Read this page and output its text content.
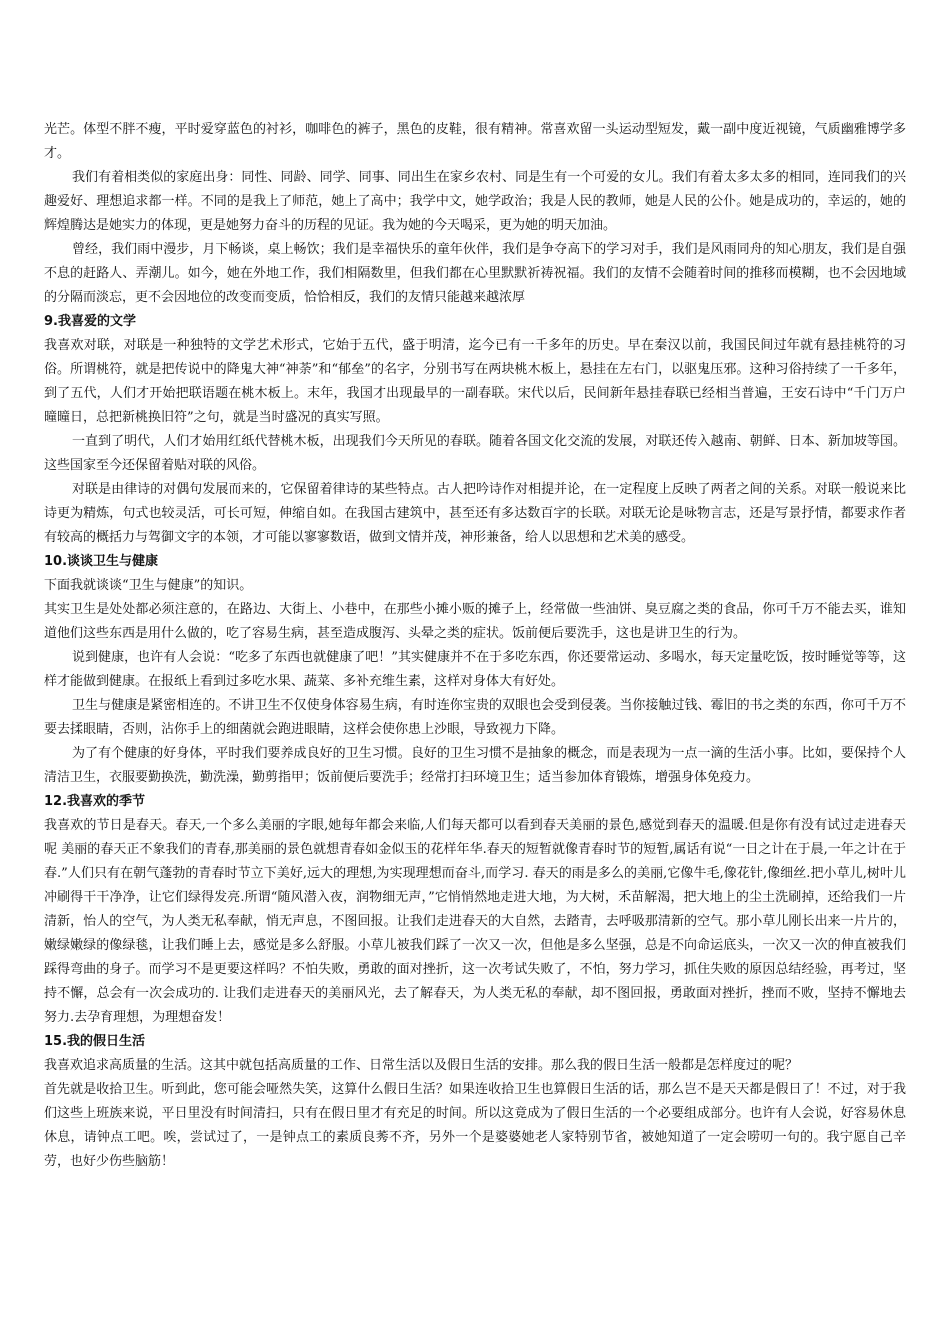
光芒。体型不胖不瘦，平时爱穿蓝色的衬衫，咖啡色的裤子，黑色的皮鞋，很有精神。常喜欢留一头运动型短发，戴一副中度近视镜，气质幽雅博学多才。

我们有着相类似的家庭出身：同性、同龄、同学、同事、同出生在家乡农村、同是生有一个可爱的女儿。我们有着太多太多的相同，连同我们的兴趣爱好、理想追求都一样。不同的是我上了师范，她上了高中；我学中文，她学政治；我是人民的教师，她是人民的公仆。她是成功的，幸运的，她的辉煌腾达是她实力的体现，更是她努力奋斗的历程的见证。我为她的今天喝采，更为她的明天加油。

曾经，我们雨中漫步，月下畅谈，桌上畅饮；我们是幸福快乐的童年伙伴，我们是争夺高下的学习对手，我们是风雨同舟的知心朋友，我们是自强不息的赶路人、弄潮儿。如今，她在外地工作，我们相隔数里，但我们都在心里默默祈祷祝福。我们的友情不会随着时间的推移而模糊，也不会因地域的分隔而淡忘，更不会因地位的改变而变质，恰恰相反，我们的友情只能越来越浓厚

9.我喜爱的文学

我喜欢对联，对联是一种独特的文学艺术形式，它始于五代，盛于明清，迄今已有一千多年的历史。早在秦汉以前，我国民间过年就有悬挂桃符的习俗。所谓桃符，就是把传说中的降鬼大神“神荼”和“郁垒”的名字，分别书写在两块桃木板上，悬挂在左右门，以驱鬼压邪。这种习俗持续了一千多年，到了五代，人们才开始把联语题在桃木板上。末年，我国才出现最早的一副春联。宋代以后，民间新年悬挂春联已经相当普遍，王安石诗中“千门万户曈曈日，总把新桃换旧符”之句，就是当时盛况的真实写照。

一直到了明代，人们才始用红纸代替桃木板，出现我们今天所见的春联。随着各国文化交流的发展，对联还传入越南、朝鲜、日本、新加坡等国。这些国家至今还保留着贴对联的风俗。

对联是由律诗的对偶句发展而来的，它保留着律诗的某些特点。古人把吟诗作对相提并论，在一定程度上反映了两者之间的关系。对联一般说来比诗更为精炼，句式也较灵活，可长可短，伸缩自如。在我国古建筑中，甚至还有多达数百字的长联。对联无论是咏物言志，还是写景抒情，都要求作者有较高的概括力与驾御文字的本领，才可能以寥寥数语，做到文情并茂，神形兼备，给人以思想和艺术美的感受。

10.谈谈卫生与健康

下面我就谈谈“卫生与健康”的知识。

其实卫生是处处都必须注意的，在路边、大街上、小巷中，在那些小摊小贩的摊子上，经常做一些油饼、臭豆腐之类的食品，你可千万不能去买，谁知道他们这些东西是用什么做的，吃了容易生病，甚至造成腹泻、头晕之类的症状。饭前便后要洗手，这也是讲卫生的行为。

说到健康，也许有人会说：“吃多了东西也就健康了吧！”其实健康并不在于多吃东西，你还要常运动、多喝水，每天定量吃饭，按时睡觉等等，这样才能做到健康。在报纸上看到过多吃水果、蔬菜、多补充维生素，这样对身体大有好处。

卫生与健康是紧密相连的。不讲卫生不仅使身体容易生病，有时连你宝贵的双眼也会受到侵袭。当你接触过钱、霉旧的书之类的东西，你可千万不要去揉眼睛，否则，沾你手上的细菌就会跑进眼睛，这样会使你患上沙眼，导致视力下降。

为了有个健康的好身体，平时我们要养成良好的卫生习惯。良好的卫生习惯不是抽象的概念，而是表现为一点一滴的生活小事。比如，要保持个人清洁卫生，衣服要勤换洗，勤洗澡，勤剪指甲；饭前便后要洗手；经常打扫环境卫生；适当参加体育锻炼，增强身体免疫力。

12.我喜欢的季节

我喜欢的节日是春天。春天,一个多么美丽的字眼,她每年都会来临,人们每天都可以看到春天美丽的景色,感觉到春天的温暖.但是你有没有试过走进春天呢 美丽的春天正不象我们的青春,那美丽的景色就想青春如金似玉的花样年华.春天的短暂就像青春时节的短暂,属话有说“一日之计在于晨,一年之计在于春.”人们只有在朝气蓬勃的青春时节立下美好,远大的理想,为实现理想而奋斗,而学习. 春天的雨是多么的美丽,它像牛毛,像花针,像细丝.把小草儿,树叶儿冲刷得干干净净，让它们绿得发亮.所谓“随风潜入夜，润物细无声，”它悄悄然地走进大地，为大树，禾苗解渴，把大地上的尘土洗刷掉，还给我们一片清新，怡人的空气，为人类无私奉献，悄无声息，不图回报。让我们走进春天的大自然，去踏青，去呼吸那清新的空气。那小草儿刚长出来一片片的，嫩绿嫩绿的像绿毯，让我们睡上去，感觉是多么舒服。小草儿被我们踩了一次又一次，但他是多么坚强，总是不向命运底头，一次又一次的伸直被我们踩得弯曲的身子。而学习不是更要这样吗？不怕失败，勇敢的面对挫折，这一次考试失败了，不怕，努力学习，抓住失败的原因总结经验，再考过，坚持不懈，总会有一次会成功的. 让我们走进春天的美丽风光，去了解春天，为人类无私的奉献，却不图回报，勇敢面对挫折，挫而不败，坚持不懈地去努力.去孕育理想，为理想奋发！

15.我的假日生活

我喜欢追求高质量的生活。这其中就包括高质量的工作、日常生活以及假日生活的安排。那么我的假日生活一般都是怎样度过的呢？

首先就是收拾卫生。听到此，您可能会哑然失笑，这算什么假日生活？如果连收拾卫生也算假日生活的话，那么岂不是天天都是假日了！不过，对于我们这些上班族来说，平日里没有时间清扫，只有在假日里才有充足的时间。所以这竟成为了假日生活的一个必要组成部分。也许有人会说，好容易休息休息，请钟点工吧。唉，尝试过了，一是钟点工的素质良莠不齐，另外一个是婆婆她老人家特别节省，被她知道了一定会唠叨一句的。我宁愿自己辛劳，也好少伤些脑筋！
